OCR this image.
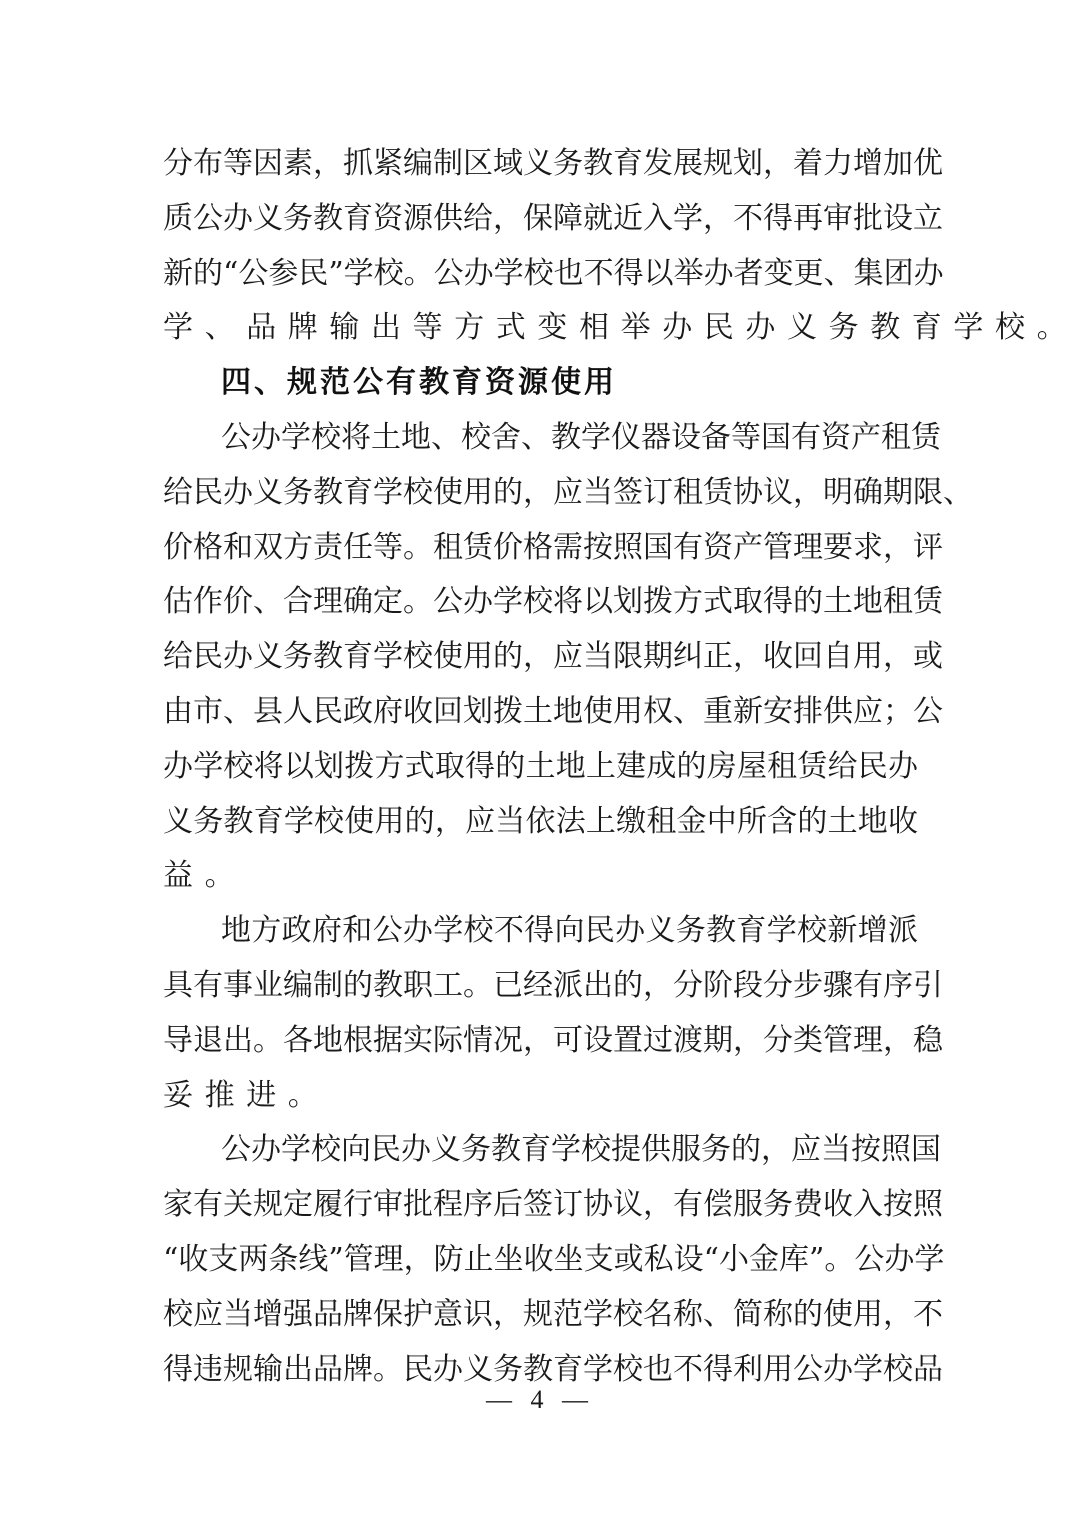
分布等因素，抓紧编制区域义务教育发展规划，着力增加优
质公办义务教育资源供给，保障就近入学，不得再审批设立
新的“公参民”学校。公办学校也不得以举办者变更、集团办
学、品牌输出等方式变相举办民办义务教育学校。
四、规范公有教育资源使用
公办学校将土地、校舍、教学仪器设备等国有资产租赁
给民办义务教育学校使用的，应当签订租赁协议，明确期限、
价格和双方责任等。租赁价格需按照国有资产管理要求，评
估作价、合理确定。公办学校将以划拨方式取得的土地租赁
给民办义务教育学校使用的，应当限期纠正，收回自用，或
由市、县人民政府收回划拨土地使用权、重新安排供应；公
办学校将以划拨方式取得的土地上建成的房屋租赁给民办
义务教育学校使用的，应当依法上缴租金中所含的土地收
益。
地方政府和公办学校不得向民办义务教育学校新增派
具有事业编制的教职工。已经派出的，分阶段分步骤有序引
导退出。各地根据实际情况，可设置过渡期，分类管理，稳
妥推进。
公办学校向民办义务教育学校提供服务的，应当按照国
家有关规定履行审批程序后签订协议，有偿服务费收入按照
“收支两条线”管理，防止坐收坐支或私设“小金库”。公办学
校应当增强品牌保护意识，规范学校名称、简称的使用，不
得违规输出品牌。民办义务教育学校也不得利用公办学校品
— 4 —
